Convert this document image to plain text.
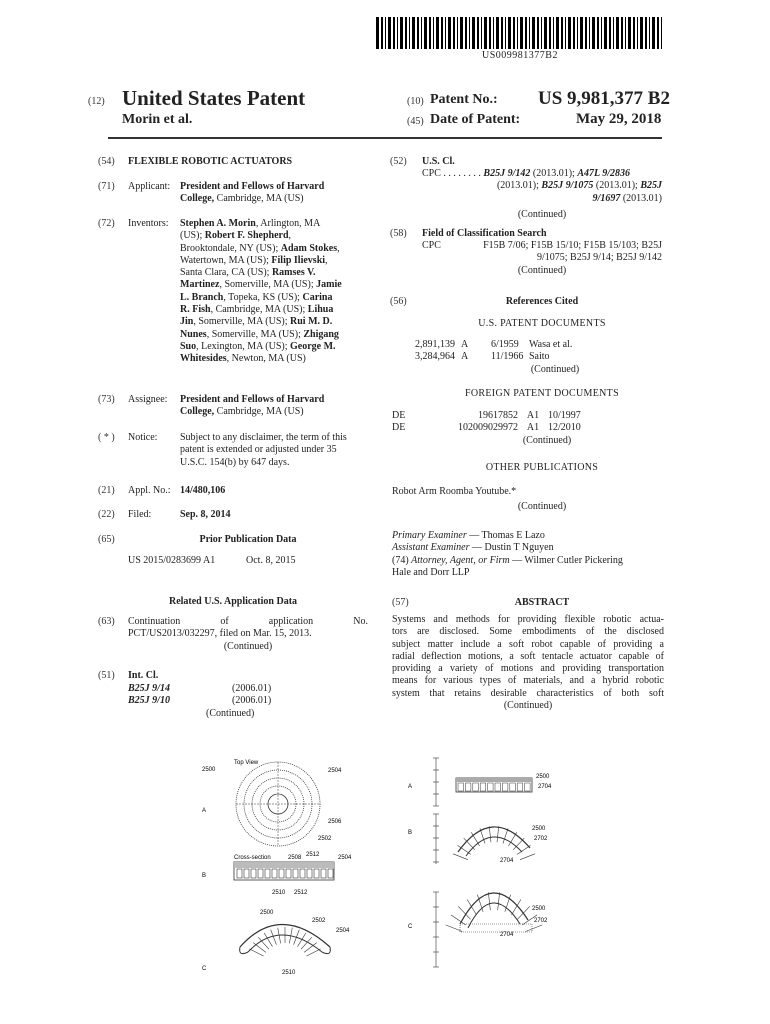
US009981377B2
(12) United States Patent
Morin et al.
(10) Patent No.: US 9,981,377 B2
(45) Date of Patent:	May 29, 2018
(54) FLEXIBLE ROBOTIC ACTUATORS
(71) Applicant: President and Fellows of Harvard
College, Cambridge, MA (US)
(72) Inventors: Stephen A. Morin, Arlington, MA
(US); Robert F. Shepherd,
Brooktondale, NY (US); Adam Stokes,
Watertown, MA (US); Filip Ilievski,
Santa Clara, CA (US); Ramses V.
Martinez, Somerville, MA (US); Jamie
L. Branch, Topeka, KS (US); Carina
R. Fish, Cambridge, MA (US); Lihua
Jin, Somerville, MA (US); Rui M. D.
Nunes, Somerville, MA (US); Zhigang
Suo, Lexington, MA (US); George M.
Whitesides, Newton, MA (US)
(73) Assignee: President and Fellows of Harvard
College, Cambridge, MA (US)
( * ) Notice: Subject to any disclaimer, the term of this
patent is extended or adjusted under 35
U.S.C. 154(b) by 647 days.
(21) Appl. No.: 14/480,106
(22) Filed:	Sep. 8, 2014
(65)	Prior Publication Data
US 2015/0283699 A1	Oct. 8, 2015
Related U.S. Application Data
(63) Continuation of application No.
PCT/US2013/032297, filed on Mar. 15, 2013.
(Continued)
(51) Int. Cl.
B25J 9/14	(2006.01)
B25J 9/10	(2006.01)
(Continued)
(52) U.S. Cl.
CPC . . . . . . . . B25J 9/142 (2013.01); A47L 9/2836
(2013.01); B25J 9/1075 (2013.01); B25J
9/1697 (2013.01)
(Continued)
(58) Field of Classification Search
CPC	F15B 7/06; F15B 15/10; F15B 15/103; B25J
9/1075; B25J 9/14; B25J 9/142
(Continued)
(56)	References Cited
U.S. PATENT DOCUMENTS
2,891,139 A 6/1959 Wasa et al.
3,284,964 A 11/1966 Saito
(Continued)
FOREIGN PATENT DOCUMENTS
DE	19617852 A1 10/1997
DE	102009029972 A1 12/2010
(Continued)
OTHER PUBLICATIONS
Robot Arm Roomba Youtube.*
(Continued)
Primary Examiner — Thomas E Lazo
Assistant Examiner — Dustin T Nguyen
(74) Attorney, Agent, or Firm — Wilmer Cutler Pickering
Hale and Dorr LLP
(57)	ABSTRACT
Systems and methods for providing flexible robotic actua-
tors are disclosed. Some embodiments of the disclosed
subject matter include a soft robot capable of providing a
radial deflection motions, a soft tentacle actuator capable of
providing a variety of motions and providing transportation
means for various types of materials, and a hybrid robotic
system that retains desirable characteristics of both soft
(Continued)
Top View
A
B
C
2500	2504
2506
2502
Cross-section	2508 2512	2504
2510 2512
2500
2502
2504
2510
A
B
C
2500
2704
2500
2702
2704
2500
2702
2704
